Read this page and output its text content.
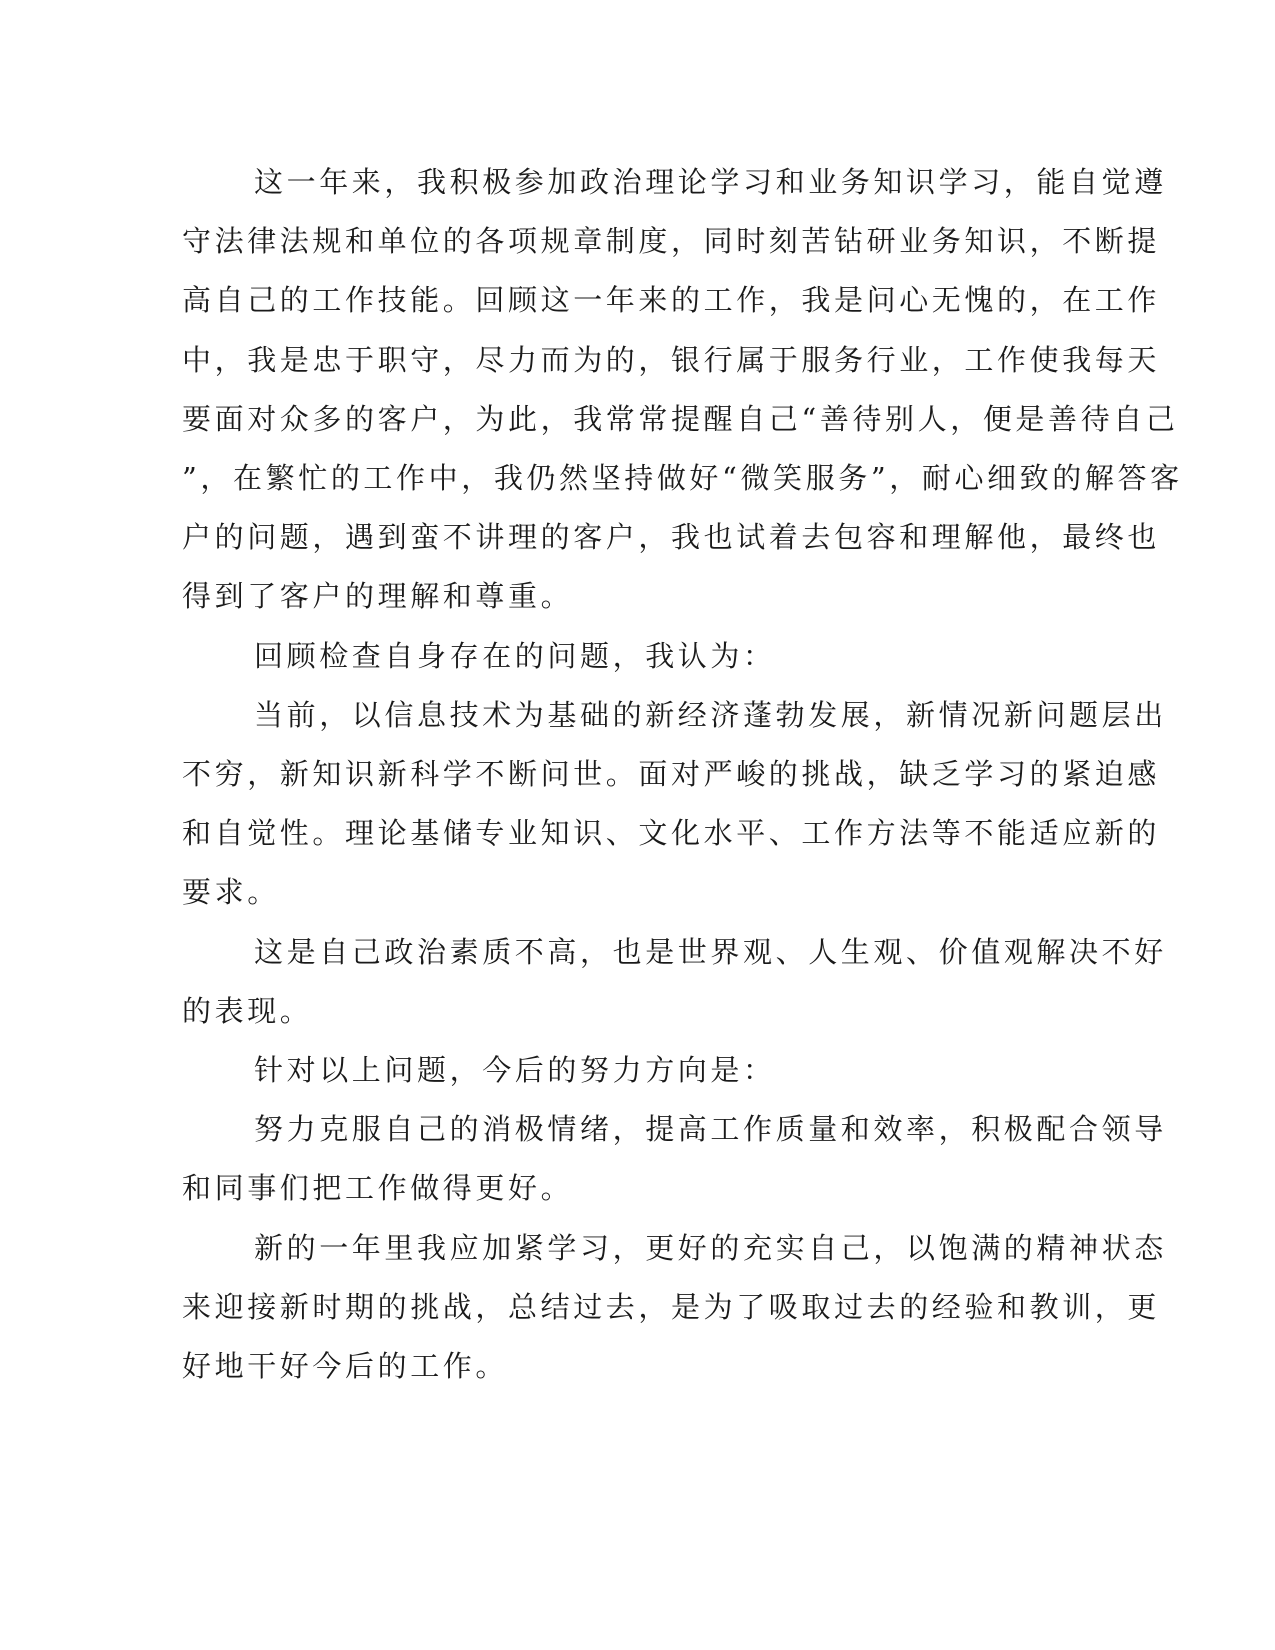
这一年来，我积极参加政治理论学习和业务知识学习，能自觉遵
守法律法规和单位的各项规章制度，同时刻苦钻研业务知识，不断提
高自己的工作技能。回顾这一年来的工作，我是问心无愧的，在工作
中，我是忠于职守，尽力而为的，银行属于服务行业，工作使我每天
要面对众多的客户，为此，我常常提醒自己“善待别人，便是善待自己
”，在繁忙的工作中，我仍然坚持做好“微笑服务”，耐心细致的解答客
户的问题，遇到蛮不讲理的客户，我也试着去包容和理解他，最终也
得到了客户的理解和尊重。

回顾检查自身存在的问题，我认为：

当前，以信息技术为基础的新经济蓬勃发展，新情况新问题层出
不穷，新知识新科学不断问世。面对严峻的挑战，缺乏学习的紧迫感
和自觉性。理论基储专业知识、文化水平、工作方法等不能适应新的
要求。

这是自己政治素质不高，也是世界观、人生观、价值观解决不好
的表现。

针对以上问题，今后的努力方向是：

努力克服自己的消极情绪，提高工作质量和效率，积极配合领导
和同事们把工作做得更好。

新的一年里我应加紧学习，更好的充实自己，以饱满的精神状态
来迎接新时期的挑战，总结过去，是为了吸取过去的经验和教训，更
好地干好今后的工作。
